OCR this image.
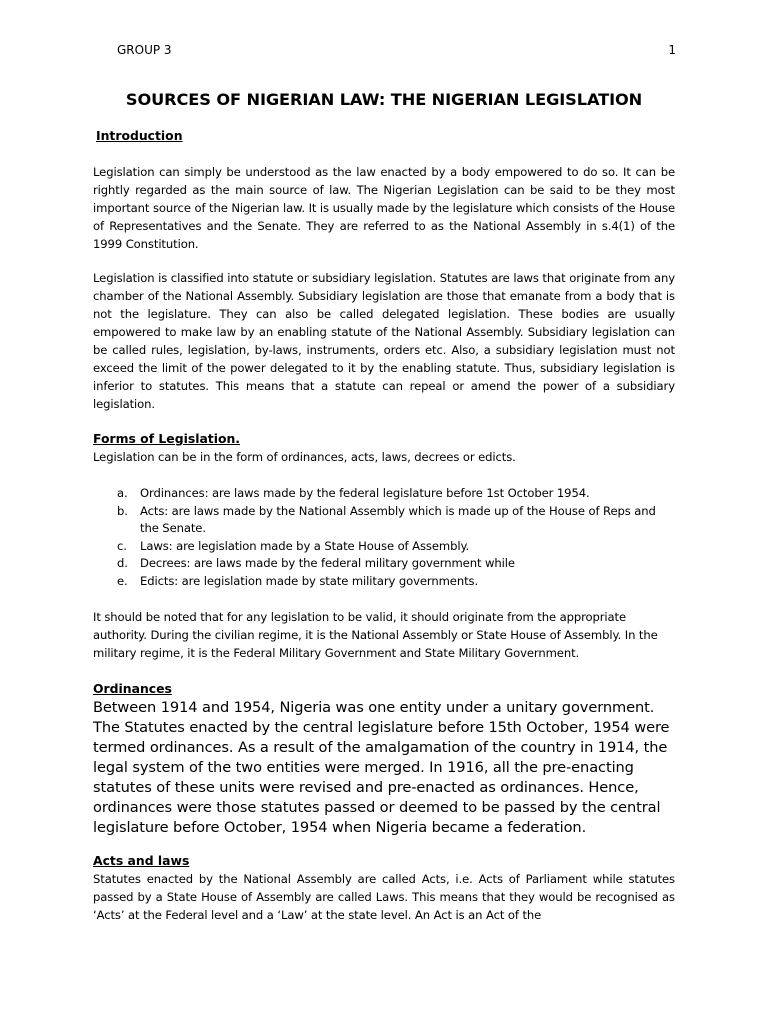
GROUP 3	1
SOURCES OF NIGERIAN LAW: THE NIGERIAN LEGISLATION
Introduction

Legislation can simply be understood as the law enacted by a body empowered to do so. It can be rightly regarded as the main source of law. The Nigerian Legislation can be said to be they most important source of the Nigerian law. It is usually made by the legislature which consists of the House of Representatives and the Senate. They are referred to as the National Assembly in s.4(1) of the 1999 Constitution.

Legislation is classified into statute or subsidiary legislation. Statutes are laws that originate from any chamber of the National Assembly. Subsidiary legislation are those that emanate from a body that is not the legislature. They can also be called delegated legislation. These bodies are usually empowered to make law by an enabling statute of the National Assembly. Subsidiary legislation can be called rules, legislation, by-laws, instruments, orders etc. Also, a subsidiary legislation must not exceed the limit of the power delegated to it by the enabling statute. Thus, subsidiary legislation is inferior to statutes. This means that a statute can repeal or amend the power of a subsidiary legislation.

Forms of Legislation.

Legislation can be in the form of ordinances, acts, laws, decrees or edicts.

a. Ordinances: are laws made by the federal legislature before 1st October 1954.
b. Acts: are laws made by the National Assembly which is made up of the House of Reps and the Senate.
c. Laws: are legislation made by a State House of Assembly.
d. Decrees: are laws made by the federal military government while
e. Edicts: are legislation made by state military governments.

It should be noted that for any legislation to be valid, it should originate from the appropriate authority. During the civilian regime, it is the National Assembly or State House of Assembly. In the military regime, it is the Federal Military Government and State Military Government.

Ordinances

Between 1914 and 1954, Nigeria was one entity under a unitary government. The Statutes enacted by the central legislature before 15th October, 1954 were termed ordinances. As a result of the amalgamation of the country in 1914, the legal system of the two entities were merged. In 1916, all the pre-enacting statutes of these units were revised and pre-enacted as ordinances. Hence, ordinances were those statutes passed or deemed to be passed by the central legislature before October, 1954 when Nigeria became a federation.

Acts and laws

Statutes enacted by the National Assembly are called Acts, i.e. Acts of Parliament while statutes passed by a State House of Assembly are called Laws. This means that they would be recognised as ‘Acts’ at the Federal level and a ‘Law’ at the state level. An Act is an Act of the
